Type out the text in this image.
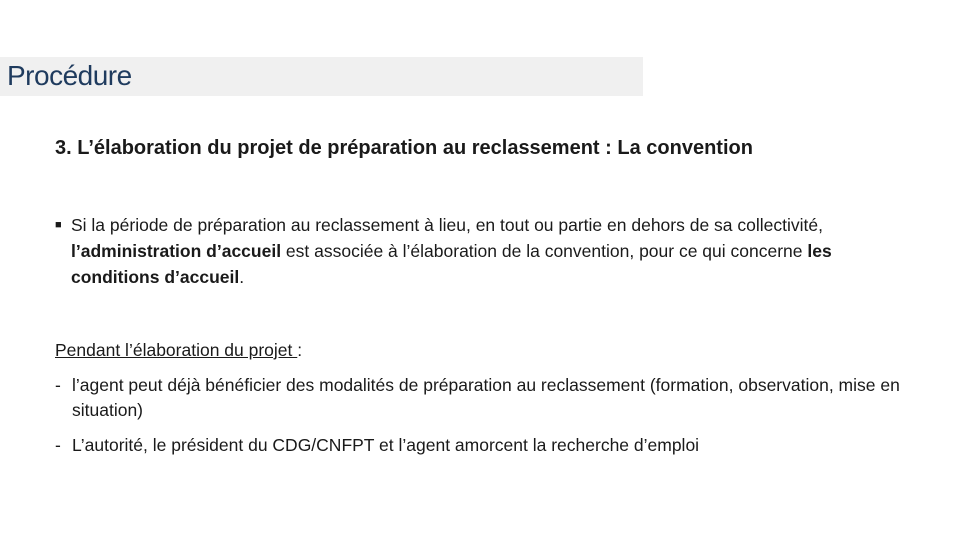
Procédure
3. L’élaboration du projet de préparation au reclassement : La convention
■ Si la période de préparation au reclassement à lieu, en tout ou partie en dehors de sa collectivité, l’administration d’accueil est associée à l’élaboration de la convention, pour ce qui concerne les conditions d’accueil.
Pendant l’élaboration du projet :
- l’agent peut déjà bénéficier des modalités de préparation au reclassement (formation, observation, mise en situation)
- L’autorité, le président du CDG/CNFPT et l’agent amorcent la recherche d’emploi
